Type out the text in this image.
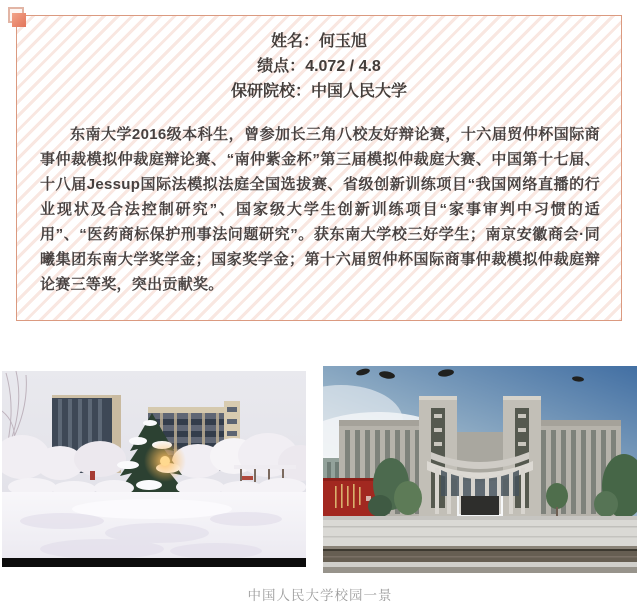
姓名：何玉旭

绩点：4.072 / 4.8

保研院校：中国人民大学

东南大学2016级本科生，曾参加长三角八校友好辩论赛，十六届贸仲杯国际商事仲裁模拟仲裁庭辩论赛、“南仲紫金杯”第三届模拟仲裁庭大赛、中国第十七届、十八届Jessup国际法模拟法庭全国选拔赛、省级创新训练项目“我国网络直播的行业现状及合法控制研究”、国家级大学生创新训练项目“家事审判中习惯的适用”、“医药商标保护刑事法问题研究”。获东南大学校三好学生；南京安徽商会·同曦集团东南大学奖学金；国家奖学金；第十六届贸仲杯国际商事仲裁模拟仲裁庭辩论赛三等奖，突出贡献奖。

中国人民大学校园一景
